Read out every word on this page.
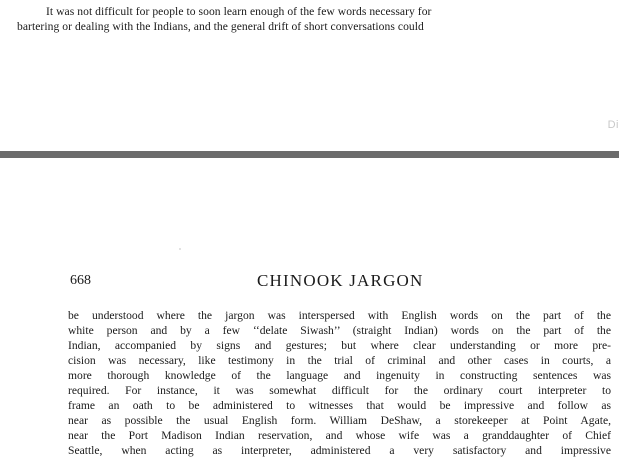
It was not difficult for people to soon learn enough of the few words necessary for
bartering or dealing with the Indians, and the general drift of short conversations could
Di
668	CHINOOK JARGON
be understood where the jargon was interspersed with English words on the part of the
white person and by a few ‘‘delate Siwash’’ (straight Indian) words on the part of the
Indian, accompanied by signs and gestures; but where clear understanding or more pre-
cision was necessary, like testimony in the trial of criminal and other cases in courts, a
more thorough knowledge of the language and ingenuity in constructing sentences was
required. For instance, it was somewhat difficult for the ordinary court interpreter to
frame an oath to be administered to witnesses that would be impressive and follow as
near as possible the usual English form. William DeShaw, a storekeeper at Point Agate,
near the Port Madison Indian reservation, and whose wife was a granddaughter of Chief
Seattle, when acting as interpreter, administered a very satisfactory and impressive
